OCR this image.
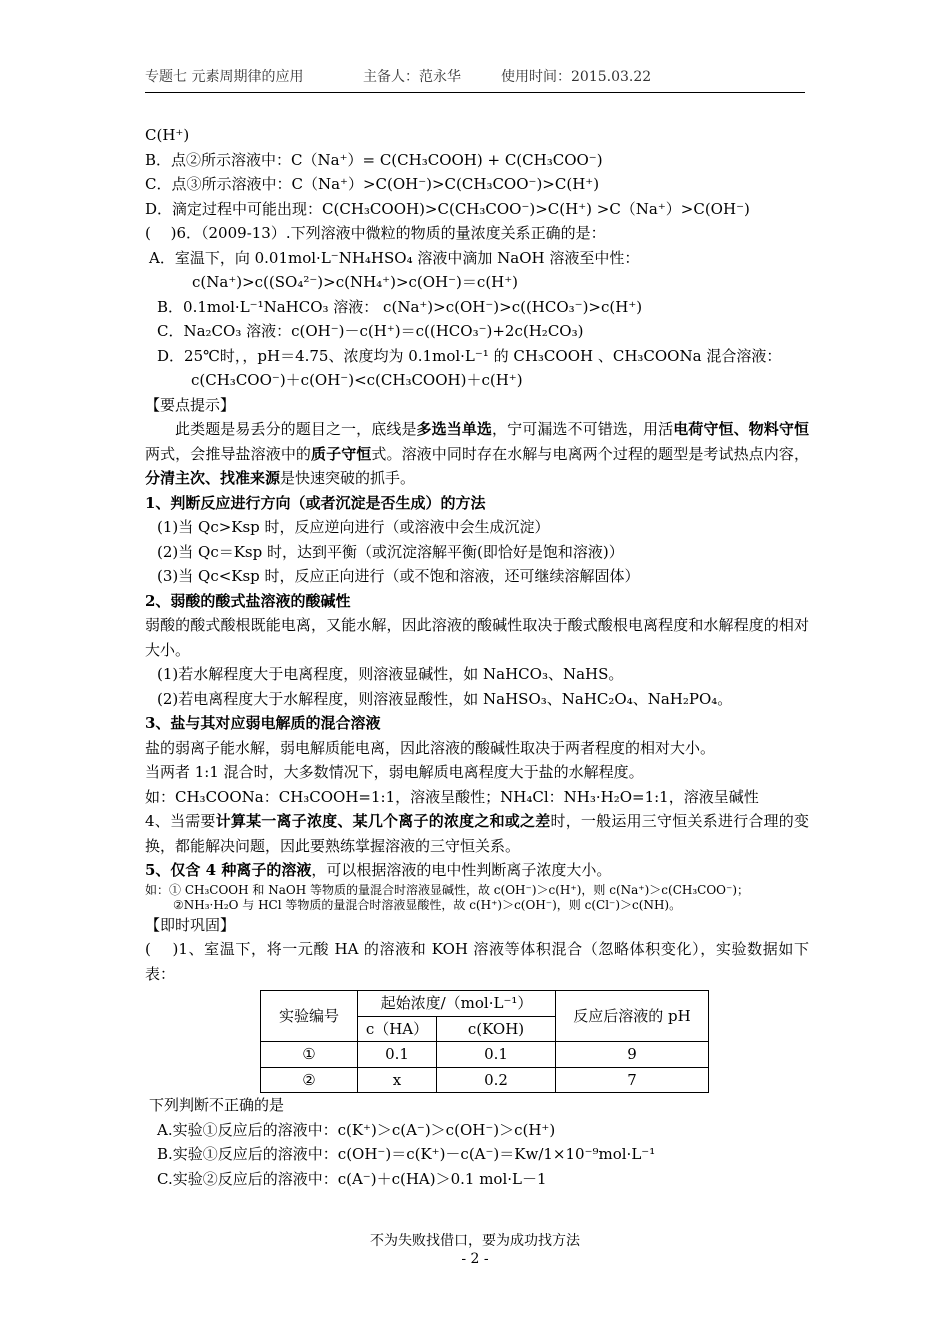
专题七 元素周期律的应用	主备人：范永华	使用时间：2015.03.22
C(H⁺)
B．点②所示溶液中：C（Na⁺）= C(CH₃COOH) + C(CH₃COO⁻)
C．点③所示溶液中：C（Na⁺）>C(OH⁻)>C(CH₃COO⁻)>C(H⁺)
D．滴定过程中可能出现：C(CH₃COOH)>C(CH₃COO⁻)>C(H⁺) >C（Na⁺）>C(OH⁻)
(　 )6．（2009-13）.下列溶液中微粒的物质的量浓度关系正确的是：
A．室温下，向 0.01mol·L⁻NH₄HSO₄ 溶液中滴加 NaOH 溶液至中性：
c(Na⁺)>c((SO₄²⁻)>c(NH₄⁺)>c(OH⁻)＝c(H⁺)
B．0.1mol·L⁻¹NaHCO₃ 溶液： c(Na⁺)>c(OH⁻)>c((HCO₃⁻)>c(H⁺)
C．Na₂CO₃ 溶液：c(OH⁻)－c(H⁺)＝c((HCO₃⁻)+2c(H₂CO₃)
D．25℃时，，pH＝4.75、浓度均为 0.1mol·L⁻¹ 的 CH₃COOH 、CH₃COONa 混合溶液：
c(CH₃COO⁻)＋c(OH⁻)<c(CH₃COOH)＋c(H⁺)
【要点提示】
此类题是易丢分的题目之一，底线是多选当单选，宁可漏选不可错选，用活电荷守恒、物料守恒两式，会推导盐溶液中的质子守恒式。溶液中同时存在水解与电离两个过程的题型是考试热点内容，分清主次、找准来源是快速突破的抓手。
1、判断反应进行方向（或者沉淀是否生成）的方法
(1)当 Qc>Ksp 时，反应逆向进行（或溶液中会生成沉淀）
(2)当 Qc＝Ksp 时，达到平衡（或沉淀溶解平衡(即恰好是饱和溶液)）
(3)当 Qc<Ksp 时，反应正向进行（或不饱和溶液，还可继续溶解固体）
2、弱酸的酸式盐溶液的酸碱性
弱酸的酸式酸根既能电离，又能水解，因此溶液的酸碱性取决于酸式酸根电离程度和水解程度的相对大小。
(1)若水解程度大于电离程度，则溶液显碱性，如 NaHCO₃、NaHS。
(2)若电离程度大于水解程度，则溶液显酸性，如 NaHSO₃、NaHC₂O₄、NaH₂PO₄。
3、盐与其对应弱电解质的混合溶液
盐的弱离子能水解，弱电解质能电离，因此溶液的酸碱性取决于两者程度的相对大小。
当两者 1:1 混合时，大多数情况下，弱电解质电离程度大于盐的水解程度。
如：CH₃COONa：CH₃COOH=1:1，溶液呈酸性；NH₄Cl：NH₃·H₂O=1:1，溶液呈碱性
4、当需要计算某一离子浓度、某几个离子的浓度之和或之差时，一般运用三守恒关系进行合理的变换，都能解决问题，因此要熟练掌握溶液的三守恒关系。
5、仅含 4 种离子的溶液，可以根据溶液的电中性判断离子浓度大小。
如：① CH₃COOH 和 NaOH 等物质的量混合时溶液显碱性，故 c(OH⁻)＞c(H⁺)，则 c(Na⁺)＞c(CH₃COO⁻)；
②NH₃·H₂O 与 HCl 等物质的量混合时溶液显酸性，故 c(H⁺)＞c(OH⁻)，则 c(Cl⁻)＞c(NH)。
【即时巩固】
(　 )1、室温下，将一元酸 HA 的溶液和 KOH 溶液等体积混合（忽略体积变化），实验数据如下表：
实验编号	起始浓度/（mol·L⁻¹）		反应后溶液的 pH
	c（HA）	c(KOH)	
①	0.1	0.1	9
②	x	0.2	7
下列判断不正确的是
A.实验①反应后的溶液中：c(K⁺)＞c(A⁻)＞c(OH⁻)＞c(H⁺)
B.实验①反应后的溶液中：c(OH⁻)＝c(K⁺)－c(A⁻)＝Kw/1×10⁻⁹mol·L⁻¹
C.实验②反应后的溶液中：c(A⁻)＋c(HA)＞0.1 mol·L－1
不为失败找借口，要为成功找方法
- 2 -
